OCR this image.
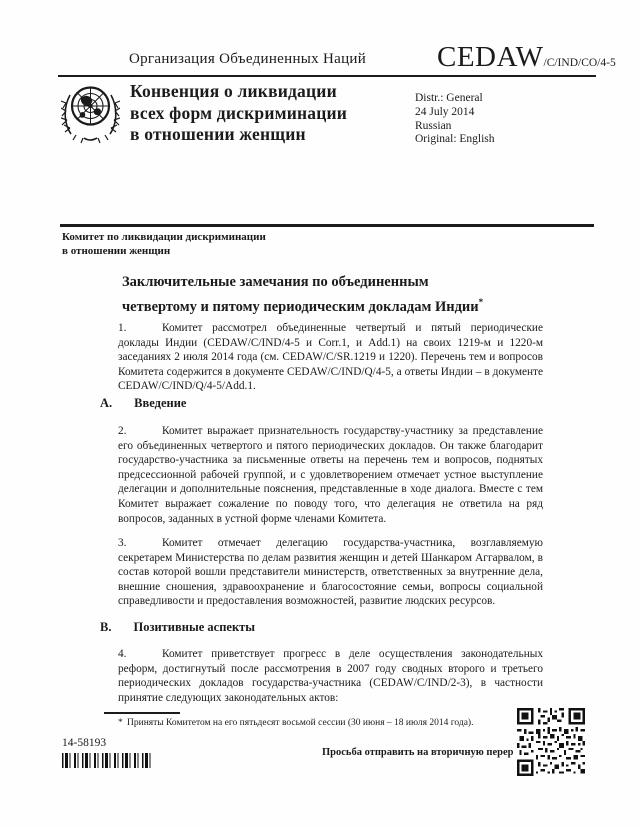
Организация Объединенных Наций CEDAW/C/IND/CO/4-5
Конвенция о ликвидации
всех форм дискриминации
в отношении женщин
Distr.: General
24 July 2014
Russian
Original: English
Комитет по ликвидации дискриминации
в отношении женщин
Заключительные замечания по объединенным
четвертому и пятому периодическим докладам Индии*

1.	Комитет рассмотрел объединенные четвертый и пятый периодические доклады Индии (CEDAW/C/IND/4-5 и Corr.1, и Add.1) на своих 1219-м и 1220-м заседаниях 2 июля 2014 года (см. CEDAW/C/SR.1219 и 1220). Перечень тем и вопросов Комитета содержится в документе CEDAW/C/IND/Q/4-5, а ответы Индии – в документе CEDAW/C/IND/Q/4-5/Add.1.

A. Введение

2.	Комитет выражает признательность государству-участнику за представление его объединенных четвертого и пятого периодических докладов. Он также благодарит государство-участника за письменные ответы на перечень тем и вопросов, поднятых предсессионной рабочей группой, и с удовлетворением отмечает устное выступление делегации и дополнительные пояснения, представленные в ходе диалога. Вместе с тем Комитет выражает сожаление по поводу того, что делегация не ответила на ряд вопросов, заданных в устной форме членами Комитета.

3.	Комитет отмечает делегацию государства-участника, возглавляемую секретарем Министерства по делам развития женщин и детей Шанкаром Аггарвалом, в состав которой вошли представители министерств, ответственных за внутренние дела, внешние сношения, здравоохранение и благосостояние семьи, вопросы социальной справедливости и предоставления возможностей, развитие людских ресурсов.

B. Позитивные аспекты

4.	Комитет приветствует прогресс в деле осуществления законодательных реформ, достигнутый после рассмотрения в 2007 году сводных второго и третьего периодических докладов государства-участника (CEDAW/C/IND/2-3), в частности принятие следующих законодательных актов:

* Приняты Комитетом на его пятьдесят восьмой сессии (30 июня – 18 июля 2014 года).
14-58193
Просьба отправить на вторичную перер
